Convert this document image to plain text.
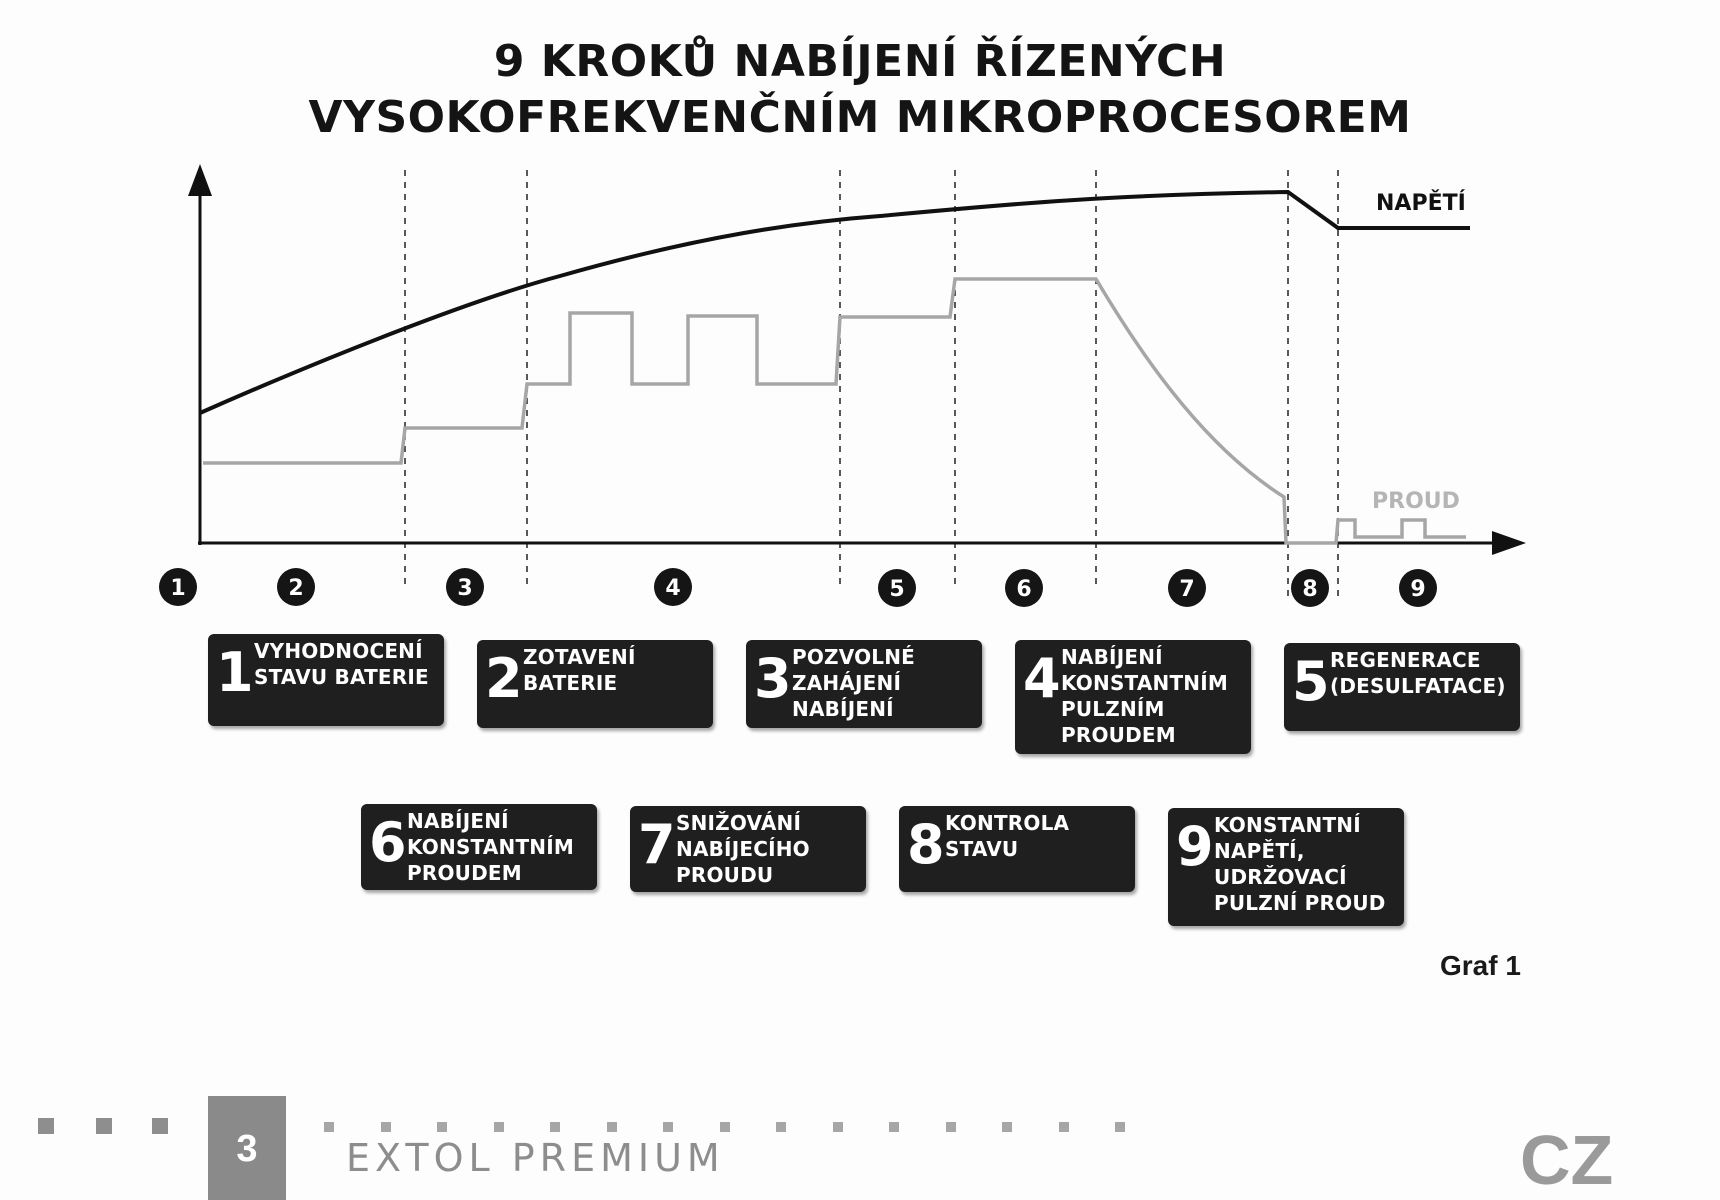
9 KROKŮ NABÍJENÍ ŘÍZENÝCH
VYSOKOFREKVENČNÍM MIKROPROCESOREM
NAPĚTÍ
PROUD
1	2	3	4	5	6	7	8	9
1 VYHODNOCENÍ
STAVU BATERIE 2 ZOTAVENÍ
BATERIE	3 POZVOLNÉ
ZAHÁJENÍ
NABÍJENÍ	4 NABÍJENÍ
KONSTANTNÍM
PULZNÍM
PROUDEM
5 REGENERACE
(DESULFATACE)
6 NABÍJENÍ
KONSTANTNÍM
PROUDEM	7 SNIŽOVÁNÍ
NABÍJECÍHO
PROUDU	8 KONTROLA
STAVU	9 KONSTANTNÍ
NAPĚTÍ,
UDRŽOVACÍ
PULZNÍ PROUD
Graf 1
3	EXTOL PREMIUM	CZ
